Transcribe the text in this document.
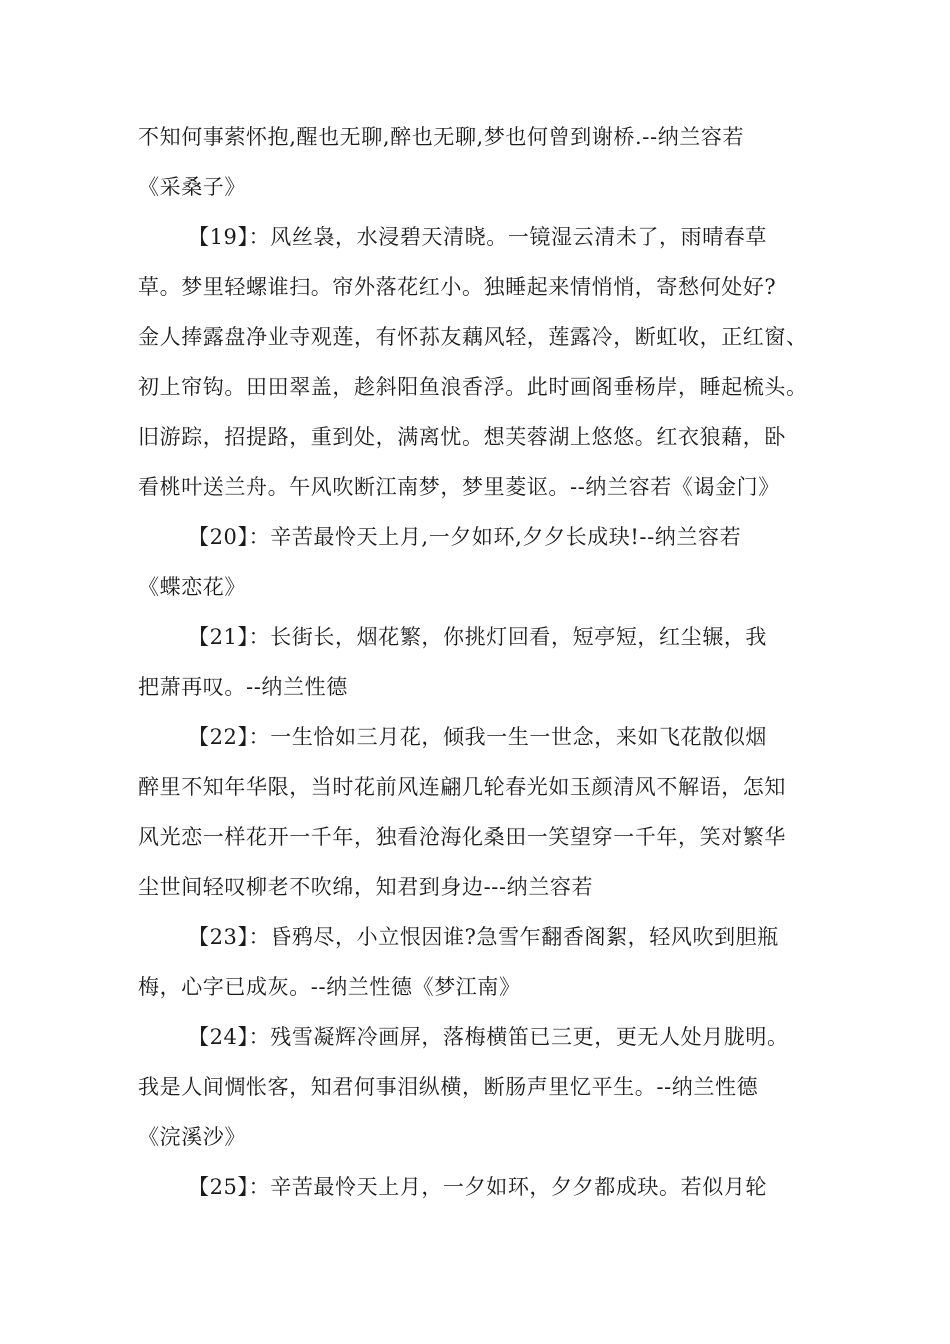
不知何事萦怀抱,醒也无聊,醉也无聊,梦也何曾到谢桥.--纳兰容若
《采桑子》

【19】：风丝袅，水浸碧天清晓。一镜湿云清未了，雨晴春草
草。梦里轻螺谁扫。帘外落花红小。独睡起来情悄悄，寄愁何处好?
金人捧露盘净业寺观莲，有怀荪友藕风轻，莲露冷，断虹收，正红窗、
初上帘钩。田田翠盖，趁斜阳鱼浪香浮。此时画阁垂杨岸，睡起梳头。
旧游踪，招提路，重到处，满离忧。想芙蓉湖上悠悠。红衣狼藉，卧
看桃叶送兰舟。午风吹断江南梦，梦里菱讴。--纳兰容若《谒金门》

【20】：辛苦最怜天上月,一夕如环,夕夕长成玦!--纳兰容若
《蝶恋花》

【21】：长街长，烟花繁，你挑灯回看，短亭短，红尘辗，我
把萧再叹。--纳兰性德

【22】：一生恰如三月花，倾我一生一世念，来如飞花散似烟
醉里不知年华限，当时花前风连翩几轮春光如玉颜清风不解语，怎知
风光恋一样花开一千年，独看沧海化桑田一笑望穿一千年，笑对繁华
尘世间轻叹柳老不吹绵，知君到身边---纳兰容若

【23】：昏鸦尽，小立恨因谁?急雪乍翻香阁絮，轻风吹到胆瓶
梅，心字已成灰。--纳兰性德《梦江南》

【24】：残雪凝辉冷画屏，落梅横笛已三更，更无人处月胧明。
我是人间惆怅客，知君何事泪纵横，断肠声里忆平生。--纳兰性德
《浣溪沙》

【25】：辛苦最怜天上月，一夕如环，夕夕都成玦。若似月轮
